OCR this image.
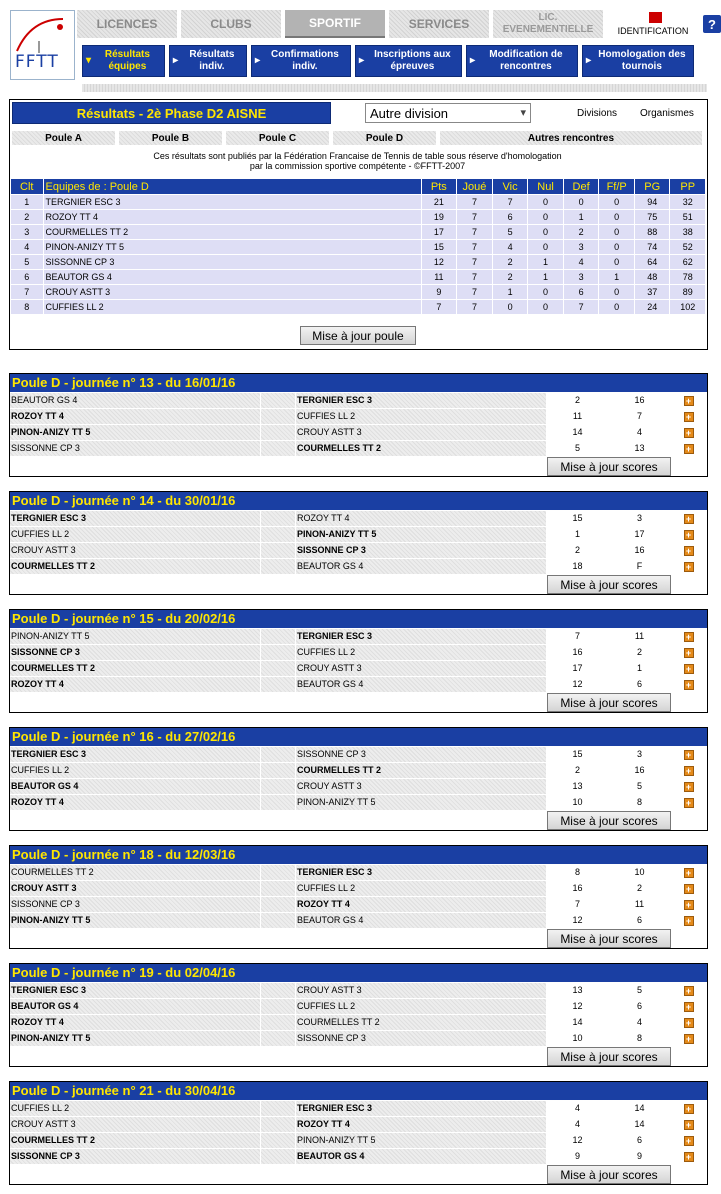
FFTT
LICENCES	CLUBS	SPORTIF	SERVICES	LIC. EVENEMENTIELLE	IDENTIFICATION	?
▾
Résultats équipes
▸
Résultats indiv.
▸
Confirmations indiv.
▸
Inscriptions aux épreuves
▸
Modification de rencontres
▸
Homologation des tournois
Résultats - 2è Phase D2 AISNE	Autre division	▾	Divisions Organismes
Poule A	Poule B	Poule C	Poule D	Autres rencontres
Ces résultats sont publiés par la Fédération Francaise de Tennis de table sous réserve d'homologation
par la commission sportive compétente - ©FFTT-2007
Clt	Equipes de : Poule D	Pts	Joué	Vic	Nul	Def	Ff/P	PG	PP
1	TERGNIER ESC 3	21	7	7	0	0	0	94	32
2	ROZOY TT 4	19	7	6	0	1	0	75	51
3	COURMELLES TT 2	17	7	5	0	2	0	88	38
4	PINON-ANIZY TT 5	15	7	4	0	3	0	74	52
5	SISSONNE CP 3	12	7	2	1	4	0	64	62
6	BEAUTOR GS 4	11	7	2	1	3	1	48	78
7	CROUY ASTT 3	9	7	1	0	6	0	37	89
8	CUFFIES LL 2	7	7	0	0	7	0	24	102
Mise à jour poule
Poule D - journée n° 13 - du 16/01/16
BEAUTOR GS 4	TERGNIER ESC 3	2	16	+
ROZOY TT 4	CUFFIES LL 2	11	7	+
PINON-ANIZY TT 5	CROUY ASTT 3	14	4	+
SISSONNE CP 3	COURMELLES TT 2	5	13	+
Mise à jour scores
Poule D - journée n° 14 - du 30/01/16
TERGNIER ESC 3	ROZOY TT 4	15	3	+
CUFFIES LL 2	PINON-ANIZY TT 5	1	17	+
CROUY ASTT 3	SISSONNE CP 3	2	16	+
COURMELLES TT 2	BEAUTOR GS 4	18	F	+
Mise à jour scores
Poule D - journée n° 15 - du 20/02/16
PINON-ANIZY TT 5	TERGNIER ESC 3	7	11	+
SISSONNE CP 3	CUFFIES LL 2	16	2	+
COURMELLES TT 2	CROUY ASTT 3	17	1	+
ROZOY TT 4	BEAUTOR GS 4	12	6	+
Mise à jour scores
Poule D - journée n° 16 - du 27/02/16
TERGNIER ESC 3	SISSONNE CP 3	15	3	+
CUFFIES LL 2	COURMELLES TT 2	2	16	+
BEAUTOR GS 4	CROUY ASTT 3	13	5	+
ROZOY TT 4	PINON-ANIZY TT 5	10	8	+
Mise à jour scores
Poule D - journée n° 18 - du 12/03/16
COURMELLES TT 2	TERGNIER ESC 3	8	10	+
CROUY ASTT 3	CUFFIES LL 2	16	2	+
SISSONNE CP 3	ROZOY TT 4	7	11	+
PINON-ANIZY TT 5	BEAUTOR GS 4	12	6	+
Mise à jour scores
Poule D - journée n° 19 - du 02/04/16
TERGNIER ESC 3	CROUY ASTT 3	13	5	+
BEAUTOR GS 4	CUFFIES LL 2	12	6	+
ROZOY TT 4	COURMELLES TT 2	14	4	+
PINON-ANIZY TT 5	SISSONNE CP 3	10	8	+
Mise à jour scores
Poule D - journée n° 21 - du 30/04/16
CUFFIES LL 2	TERGNIER ESC 3	4	14	+
CROUY ASTT 3	ROZOY TT 4	4	14	+
COURMELLES TT 2	PINON-ANIZY TT 5	12	6	+
SISSONNE CP 3	BEAUTOR GS 4	9	9	+
Mise à jour scores
